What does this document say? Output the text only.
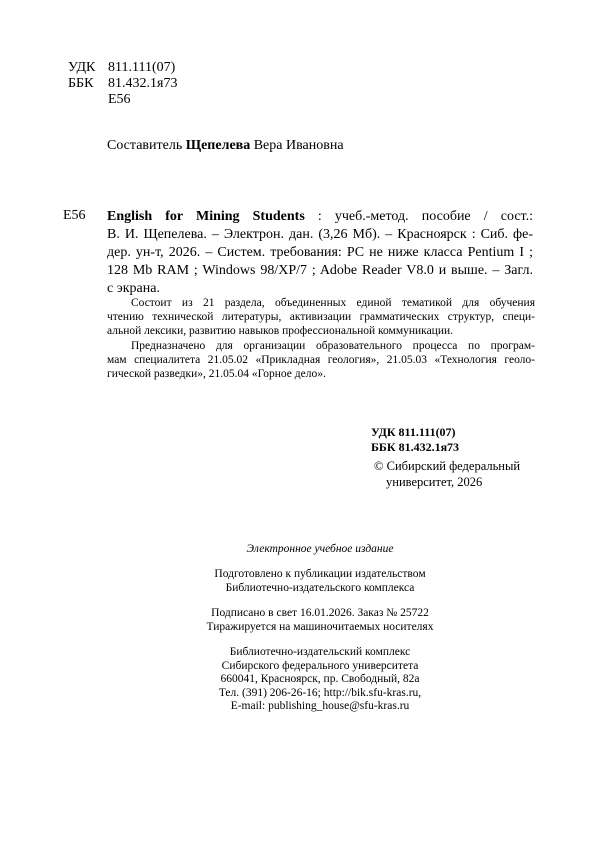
УДК 811.111(07)
ББК 81.432.1я73
Е56
Составитель Щепелева Вера Ивановна
Е56 English for Mining Students : учеб.-метод. пособие / сост.:
В. И. Щепелева. – Электрон. дан. (3,26 Мб). – Красноярск : Сиб. фе-
дер. ун-т, 2026. – Систем. требования: PC не ниже класса Pentium I ;
128 Mb RAM ; Windows 98/XP/7 ; Adobe Reader V8.0 и выше. – Загл.
с экрана.
Состоит из 21 раздела, объединенных единой тематикой для обучения
чтению технической литературы, активизации грамматических структур, специ-
альной лексики, развитию навыков профессиональной коммуникации.
Предназначено для организации образовательного процесса по програм-
мам специалитета 21.05.02 «Прикладная геология», 21.05.03 «Технология геоло-
гической разведки», 21.05.04 «Горное дело».
УДК 811.111(07)
ББК 81.432.1я73
© Сибирский федеральный
университет, 2026
Электронное учебное издание
Подготовлено к публикации издательством
Библиотечно-издательского комплекса
Подписано в свет 16.01.2026. Заказ № 25722
Тиражируется на машиночитаемых носителях
Библиотечно-издательский комплекс
Сибирского федерального университета
660041, Красноярск, пр. Свободный, 82а
Тел. (391) 206-26-16; http://bik.sfu-kras.ru,
E-mail: publishing_house@sfu-kras.ru
